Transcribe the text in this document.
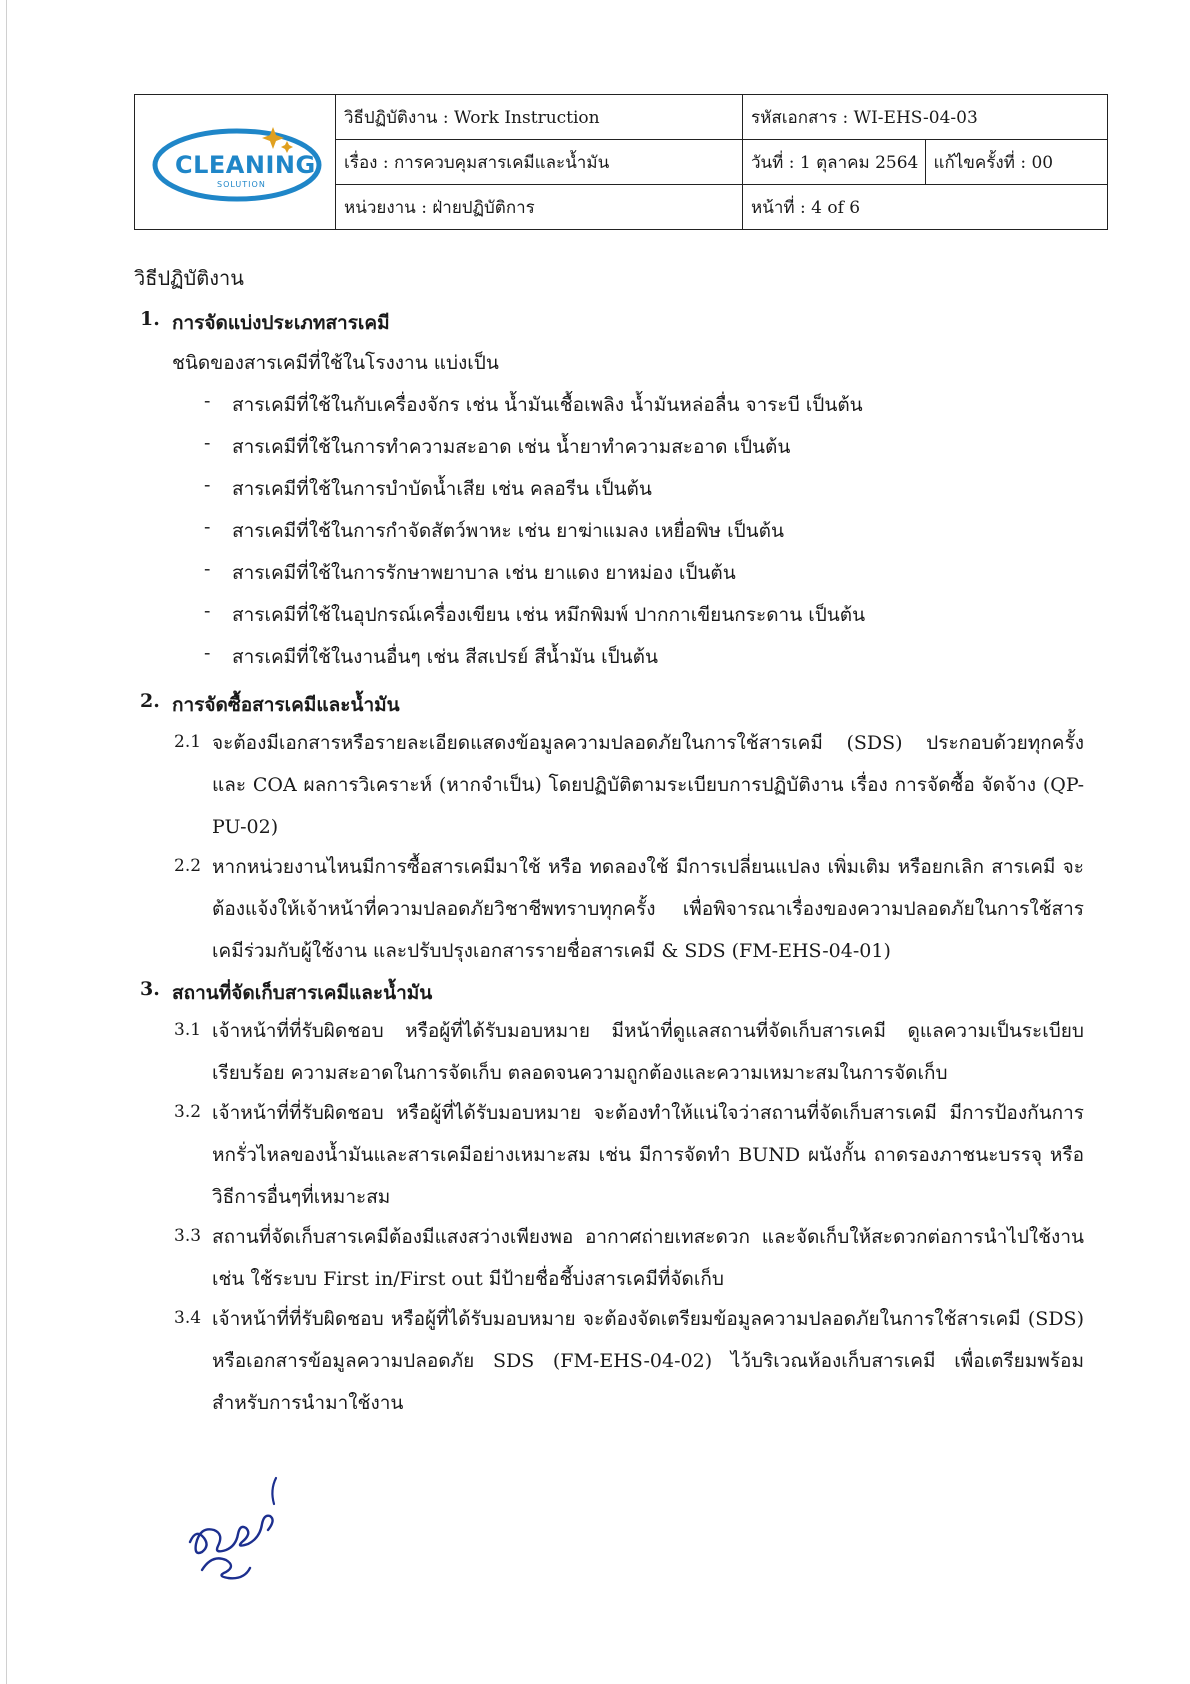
CLEANING
SOLUTION	วิธีปฏิบัติงาน : Work Instruction	รหัสเอกสาร : WI-EHS-04-03	
	เรื่อง : การควบคุมสารเคมีและน้ำมัน	วันที่ : 1 ตุลาคม 2564	แก้ไขครั้งที่ : 00
	หน่วยงาน : ฝ่ายปฏิบัติการ	หน้าที่ : 4 of 6	
วิธีปฏิบัติงาน
1. การจัดแบ่งประเภทสารเคมี
ชนิดของสารเคมีที่ใช้ในโรงงาน แบ่งเป็น
-	สารเคมีที่ใช้ในกับเครื่องจักร เช่น น้ำมันเชื้อเพลิง น้ำมันหล่อลื่น จาระบี เป็นต้น
-	สารเคมีที่ใช้ในการทำความสะอาด เช่น น้ำยาทำความสะอาด เป็นต้น
-	สารเคมีที่ใช้ในการบำบัดน้ำเสีย เช่น คลอรีน เป็นต้น
-	สารเคมีที่ใช้ในการกำจัดสัตว์พาหะ เช่น ยาฆ่าแมลง เหยื่อพิษ เป็นต้น
-	สารเคมีที่ใช้ในการรักษาพยาบาล เช่น ยาแดง ยาหม่อง เป็นต้น
-	สารเคมีที่ใช้ในอุปกรณ์เครื่องเขียน เช่น หมึกพิมพ์ ปากกาเขียนกระดาน เป็นต้น
-	สารเคมีที่ใช้ในงานอื่นๆ เช่น สีสเปรย์ สีน้ำมัน เป็นต้น
2. การจัดซื้อสารเคมีและน้ำมัน
2.1 จะต้องมีเอกสารหรือรายละเอียดแสดงข้อมูลความปลอดภัยในการใช้สารเคมี (SDS) ประกอบด้วยทุกครั้ง และ COA ผลการวิเคราะห์ (หากจำเป็น) โดยปฏิบัติตามระเบียบการปฏิบัติงาน เรื่อง การจัดซื้อ จัดจ้าง (QP-PU-02)
2.2 หากหน่วยงานไหนมีการซื้อสารเคมีมาใช้ หรือ ทดลองใช้ มีการเปลี่ยนแปลง เพิ่มเติม หรือยกเลิก สารเคมี จะต้องแจ้งให้เจ้าหน้าที่ความปลอดภัยวิชาชีพทราบทุกครั้ง เพื่อพิจารณาเรื่องของความปลอดภัยในการใช้สารเคมีร่วมกับผู้ใช้งาน และปรับปรุงเอกสารรายชื่อสารเคมี & SDS (FM-EHS-04-01)
3. สถานที่จัดเก็บสารเคมีและน้ำมัน
3.1 เจ้าหน้าที่ที่รับผิดชอบ หรือผู้ที่ได้รับมอบหมาย มีหน้าที่ดูแลสถานที่จัดเก็บสารเคมี ดูแลความเป็นระเบียบเรียบร้อย ความสะอาดในการจัดเก็บ ตลอดจนความถูกต้องและความเหมาะสมในการจัดเก็บ
3.2 เจ้าหน้าที่ที่รับผิดชอบ หรือผู้ที่ได้รับมอบหมาย จะต้องทำให้แน่ใจว่าสถานที่จัดเก็บสารเคมี มีการป้องกันการหกรั่วไหลของน้ำมันและสารเคมีอย่างเหมาะสม เช่น มีการจัดทำ BUND ผนังกั้น ถาดรองภาชนะบรรจุ หรือวิธีการอื่นๆที่เหมาะสม
3.3 สถานที่จัดเก็บสารเคมีต้องมีแสงสว่างเพียงพอ อากาศถ่ายเทสะดวก และจัดเก็บให้สะดวกต่อการนำไปใช้งาน เช่น ใช้ระบบ First in/First out มีป้ายชื่อชี้บ่งสารเคมีที่จัดเก็บ
3.4 เจ้าหน้าที่ที่รับผิดชอบ หรือผู้ที่ได้รับมอบหมาย จะต้องจัดเตรียมข้อมูลความปลอดภัยในการใช้สารเคมี (SDS) หรือเอกสารข้อมูลความปลอดภัย SDS (FM-EHS-04-02) ไว้บริเวณห้องเก็บสารเคมี เพื่อเตรียมพร้อมสำหรับการนำมาใช้งาน
